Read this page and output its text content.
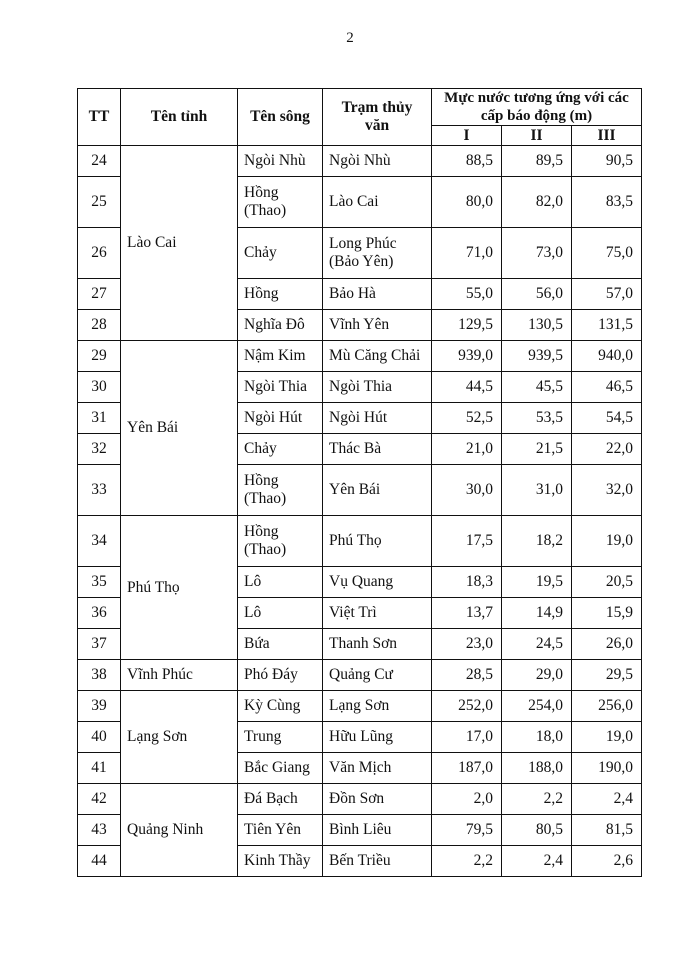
2
TT	Tên tỉnh	Tên sông	Trạm thủy văn	Mực nước tương ứng với các cấp báo động (m)		
				I	II	III
24	Lào Cai	Ngòi Nhù	Ngòi Nhù	88,5	89,5	90,5
25		Hồng (Thao)	Lào Cai	80,0	82,0	83,5
26		Chảy	Long Phúc (Bảo Yên)	71,0	73,0	75,0
27		Hồng	Bảo Hà	55,0	56,0	57,0
28		Nghĩa Đô	Vĩnh Yên	129,5	130,5	131,5
29	Yên Bái	Nậm Kim	Mù Căng Chải	939,0	939,5	940,0
30		Ngòi Thia	Ngòi Thia	44,5	45,5	46,5
31		Ngòi Hút	Ngòi Hút	52,5	53,5	54,5
32		Chảy	Thác Bà	21,0	21,5	22,0
33		Hồng (Thao)	Yên Bái	30,0	31,0	32,0
34	Phú Thọ	Hồng (Thao)	Phú Thọ	17,5	18,2	19,0
35		Lô	Vụ Quang	18,3	19,5	20,5
36		Lô	Việt Trì	13,7	14,9	15,9
37		Bứa	Thanh Sơn	23,0	24,5	26,0
38	Vĩnh Phúc	Phó Đáy	Quảng Cư	28,5	29,0	29,5
39	Lạng Sơn	Kỳ Cùng	Lạng Sơn	252,0	254,0	256,0
40		Trung	Hữu Lũng	17,0	18,0	19,0
41		Bắc Giang	Văn Mịch	187,0	188,0	190,0
42	Quảng Ninh	Đá Bạch	Đồn Sơn	2,0	2,2	2,4
43		Tiên Yên	Bình Liêu	79,5	80,5	81,5
44		Kinh Thầy	Bến Triều	2,2	2,4	2,6
